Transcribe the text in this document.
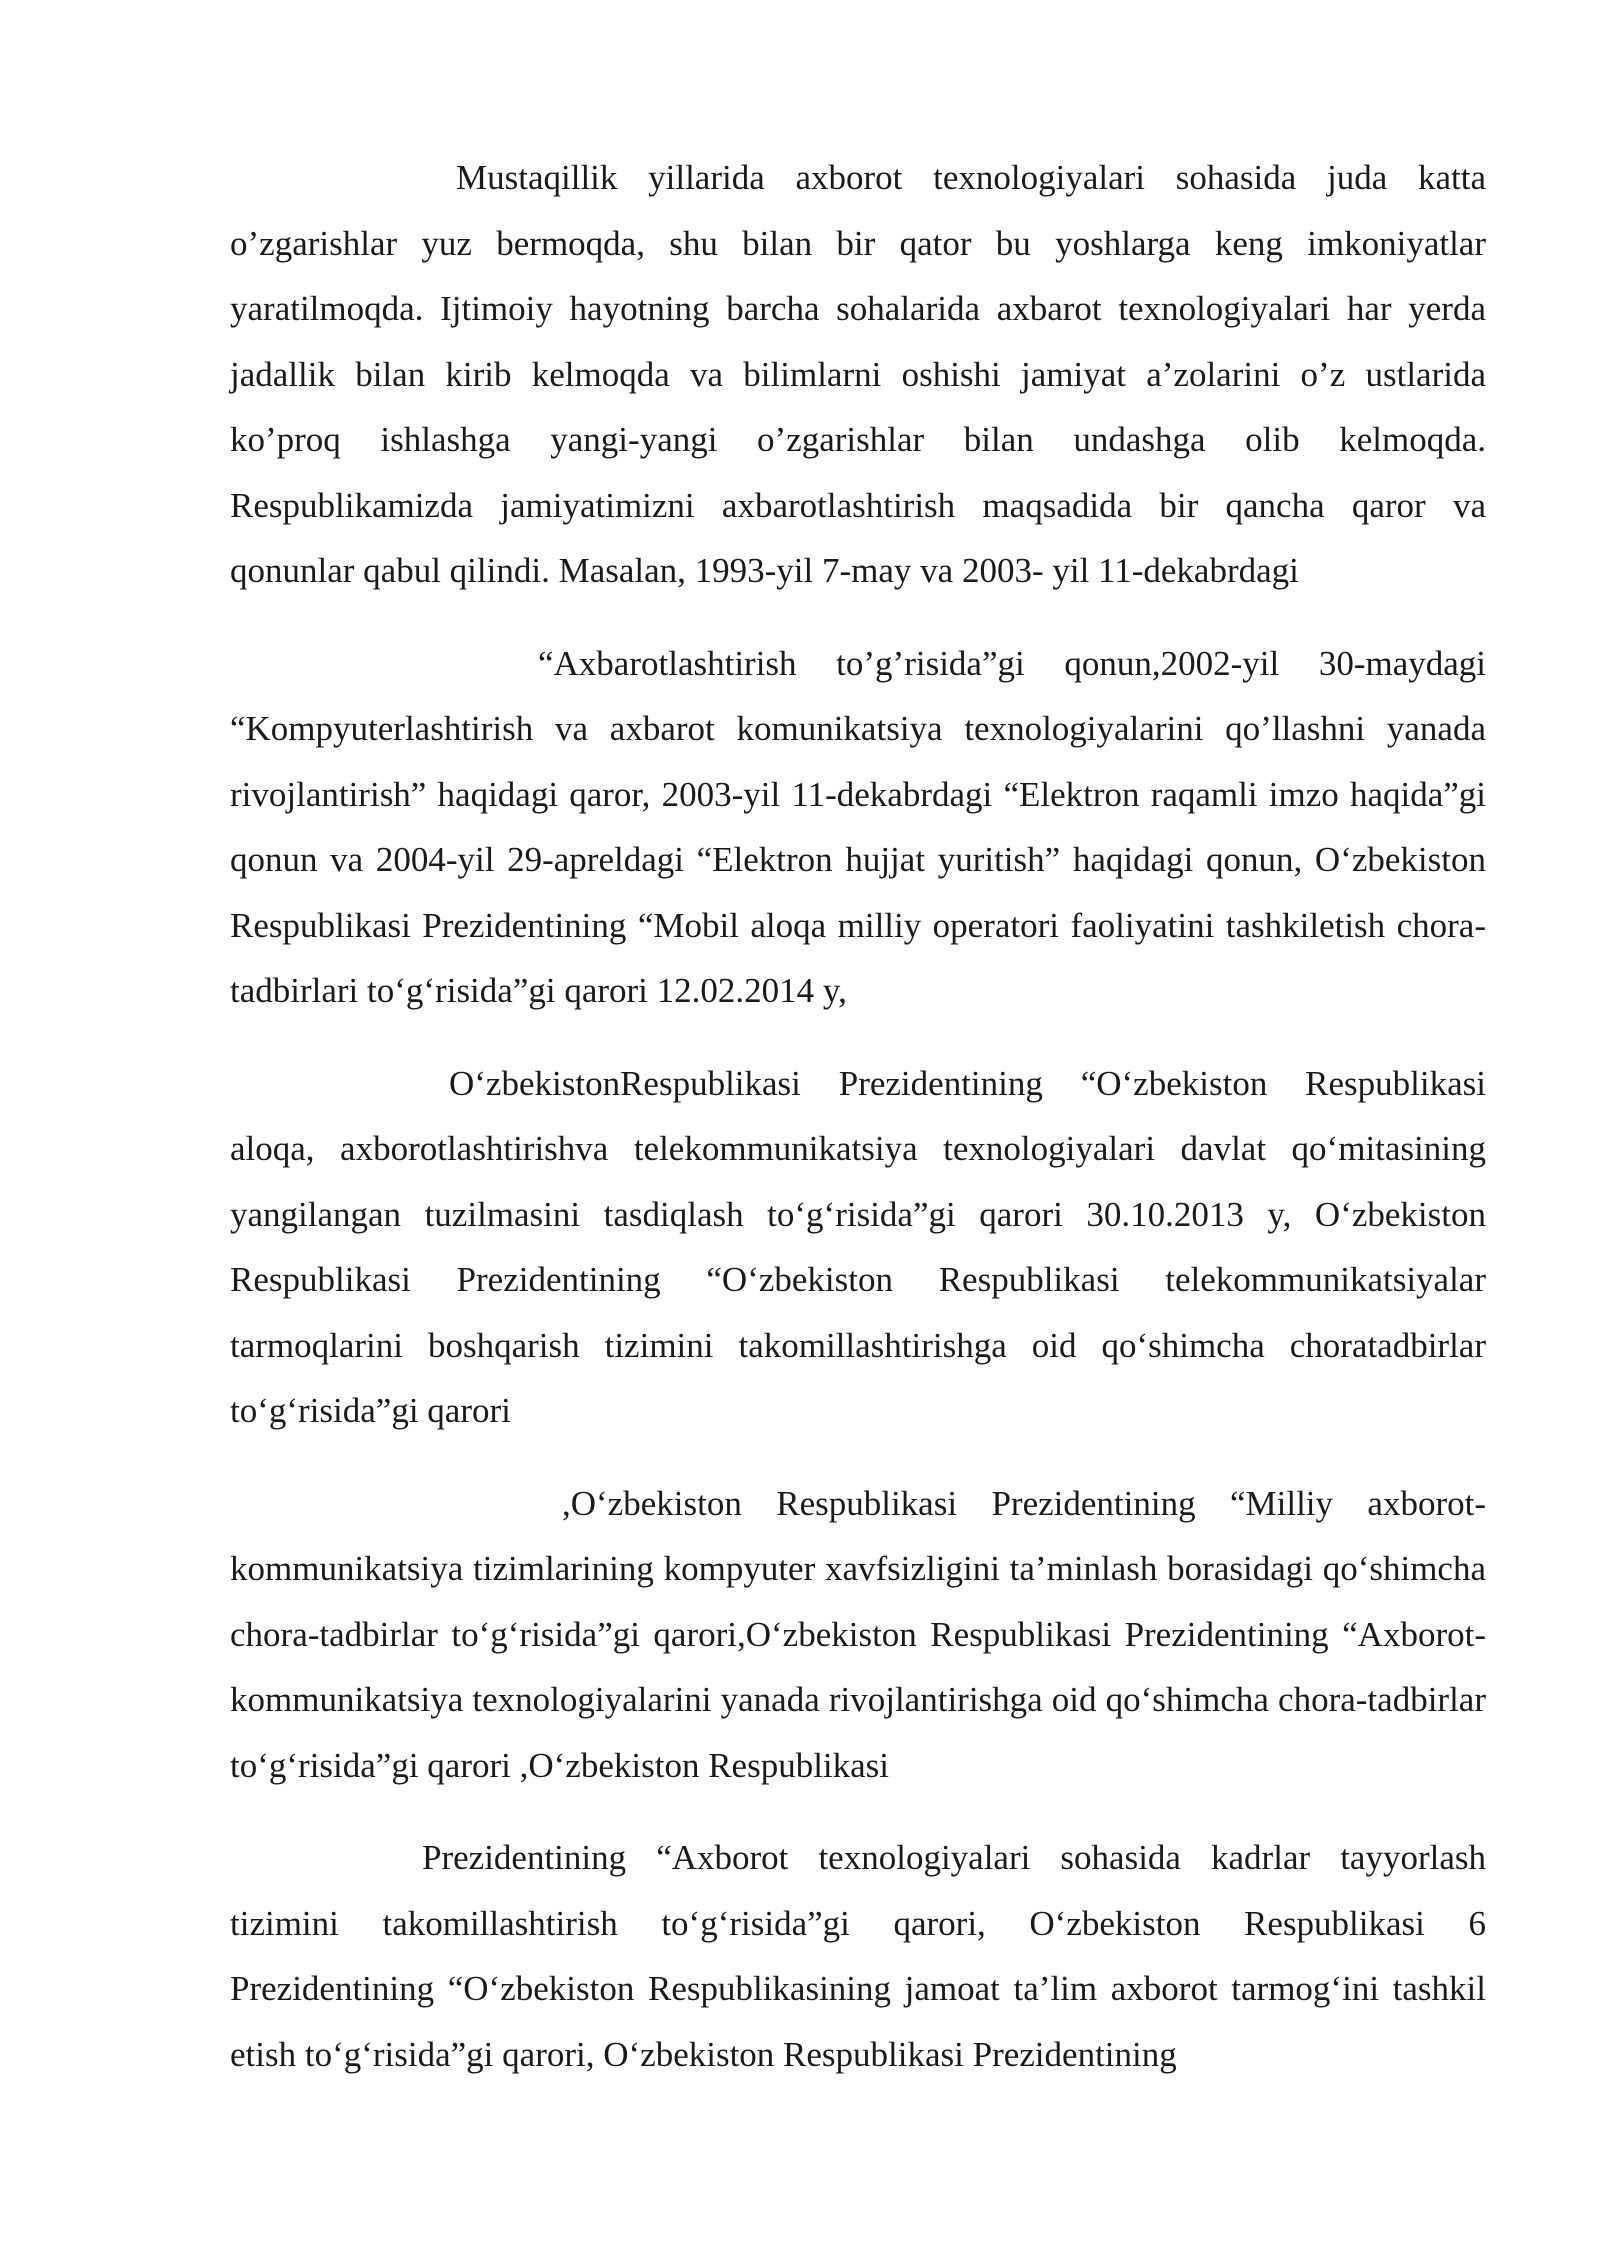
Mustaqillik yillarida axborot texnologiyalari sohasida juda katta o’zgarishlar yuz bermoqda, shu bilan bir qator bu yoshlarga keng imkoniyatlar yaratilmoqda. Ijtimoiy hayotning barcha sohalarida axbarot texnologiyalari har yerda jadallik bilan kirib kelmoqda va bilimlarni oshishi jamiyat a’zolarini o’z ustlarida ko’proq ishlashga yangi-yangi o’zgarishlar bilan undashga olib kelmoqda. Respublikamizda jamiyatimizni axbarotlashtirish maqsadida bir qancha qaror va qonunlar qabul qilindi. Masalan, 1993-yil 7-may va 2003- yil 11-dekabrdagi

“Axbarotlashtirish to’g’risida”gi qonun,2002-yil 30-maydagi “Kompyuterlashtirish va axbarot komunikatsiya texnologiyalarini qo’llashni yanada rivojlantirish” haqidagi qaror, 2003-yil 11-dekabrdagi “Elektron raqamli imzo haqida”gi qonun va 2004-yil 29-apreldagi “Elektron hujjat yuritish” haqidagi qonun, O‘zbekiston Respublikasi Prezidentining “Mobil aloqa milliy operatori faoliyatini tashkiletish chora-tadbirlari to‘g‘risida”gi qarori 12.02.2014 y,

O‘zbekistonRespublikasi Prezidentining “O‘zbekiston Respublikasi aloqa, axborotlashtirishva telekommunikatsiya texnologiyalari davlat qo‘mitasining yangilangan tuzilmasini tasdiqlash to‘g‘risida”gi qarori 30.10.2013 y, O‘zbekiston Respublikasi Prezidentining “O‘zbekiston Respublikasi telekommunikatsiyalar tarmoqlarini boshqarish tizimini takomillashtirishga oid qo‘shimcha choratadbirlar to‘g‘risida”gi qarori

,O‘zbekiston Respublikasi Prezidentining “Milliy axborot-kommunikatsiya tizimlarining kompyuter xavfsizligini ta’minlash borasidagi qo‘shimcha chora-tadbirlar to‘g‘risida”gi qarori,O‘zbekiston Respublikasi Prezidentining “Axborot-kommunikatsiya texnologiyalarini yanada rivojlantirishga oid qo‘shimcha chora-tadbirlar to‘g‘risida”gi qarori ,O‘zbekiston Respublikasi

Prezidentining “Axborot texnologiyalari sohasida kadrlar tayyorlash tizimini takomillashtirish to‘g‘risida”gi qarori, O‘zbekiston Respublikasi 6 Prezidentining “O‘zbekiston Respublikasining jamoat ta’lim axborot tarmog‘ini tashkil etish to‘g‘risida”gi qarori, O‘zbekiston Respublikasi Prezidentining
